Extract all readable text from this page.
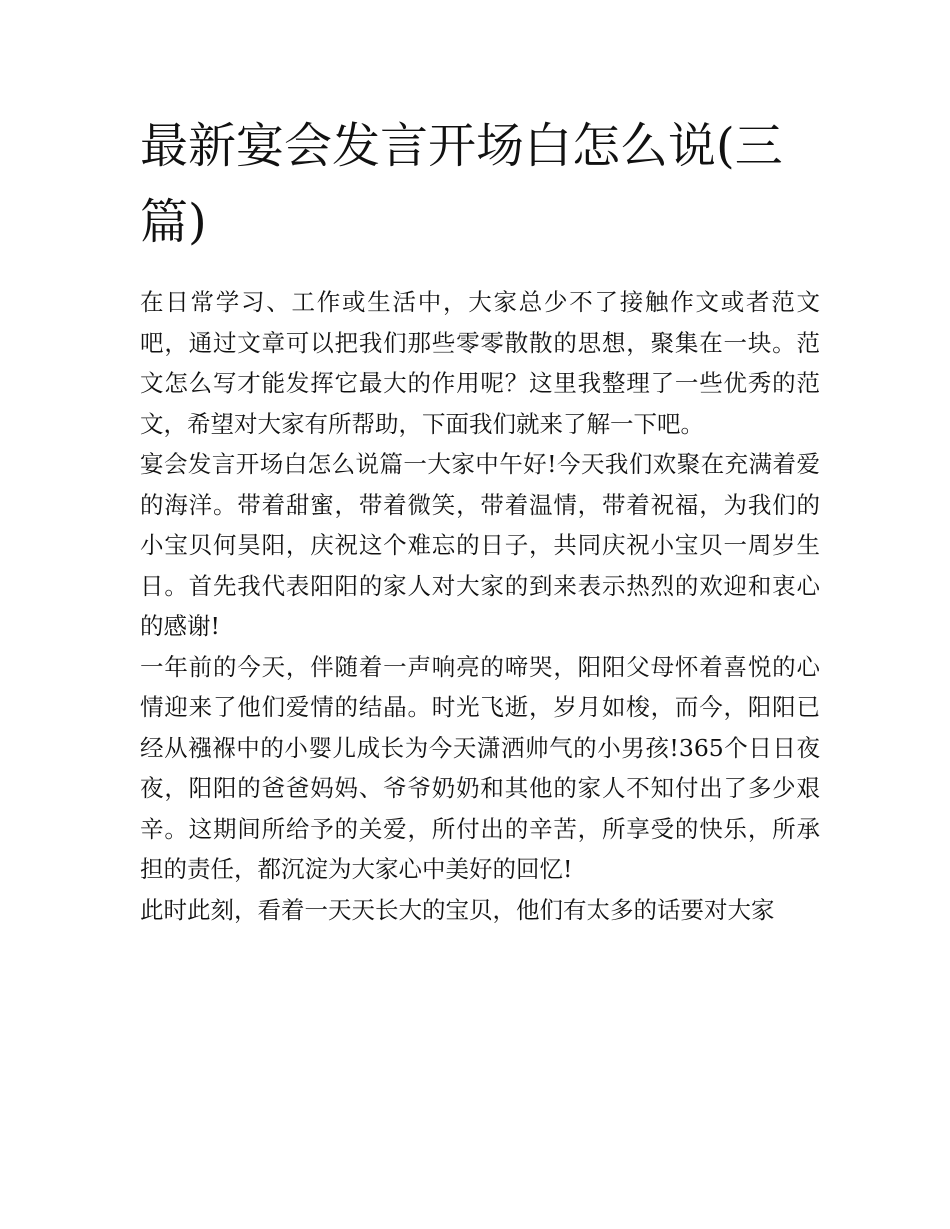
最新宴会发言开场白怎么说(三篇)

在日常学习、工作或生活中，大家总少不了接触作文或者范文吧，通过文章可以把我们那些零零散散的思想，聚集在一块。范文怎么写才能发挥它最大的作用呢？这里我整理了一些优秀的范文，希望对大家有所帮助，下面我们就来了解一下吧。

宴会发言开场白怎么说篇一大家中午好!今天我们欢聚在充满着爱的海洋。带着甜蜜，带着微笑，带着温情，带着祝福，为我们的小宝贝何昊阳，庆祝这个难忘的日子，共同庆祝小宝贝一周岁生日。首先我代表阳阳的家人对大家的到来表示热烈的欢迎和衷心的感谢!

一年前的今天，伴随着一声响亮的啼哭，阳阳父母怀着喜悦的心情迎来了他们爱情的结晶。时光飞逝，岁月如梭，而今，阳阳已经从襁褓中的小婴儿成长为今天潇洒帅气的小男孩!365个日日夜夜，阳阳的爸爸妈妈、爷爷奶奶和其他的家人不知付出了多少艰辛。这期间所给予的关爱，所付出的辛苦，所享受的快乐，所承担的责任，都沉淀为大家心中美好的回忆!

此时此刻，看着一天天长大的宝贝，他们有太多的话要对大家
